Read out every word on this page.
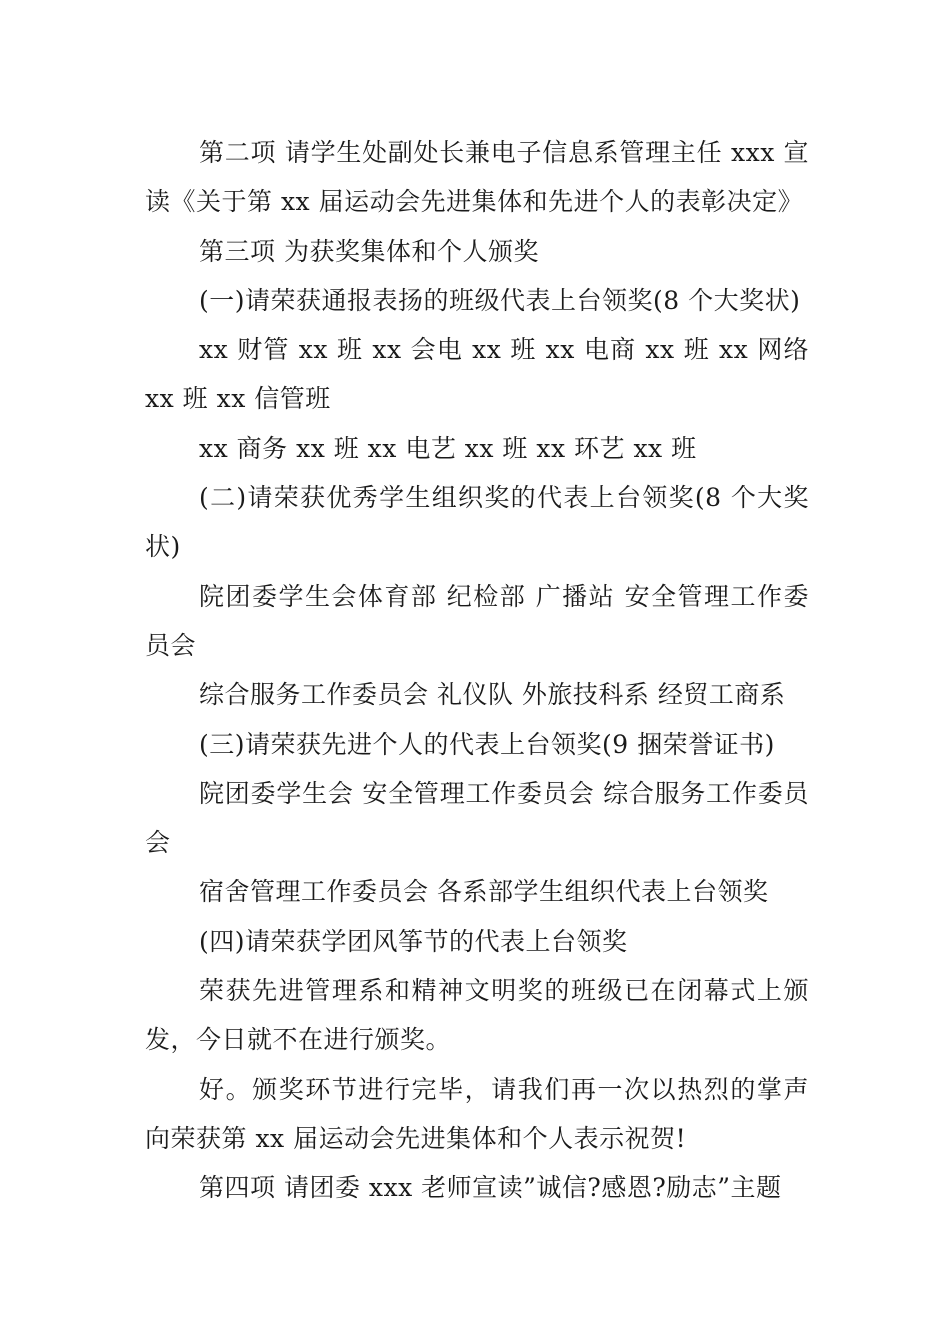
第二项 请学生处副处长兼电子信息系管理主任 xxx 宣读《关于第 xx 届运动会先进集体和先进个人的表彰决定》

第三项 为获奖集体和个人颁奖

(一)请荣获通报表扬的班级代表上台领奖(8 个大奖状)

xx 财管 xx 班 xx 会电 xx 班 xx 电商 xx 班 xx 网络 xx 班 xx 信管班

xx 商务 xx 班 xx 电艺 xx 班 xx 环艺 xx 班

(二)请荣获优秀学生组织奖的代表上台领奖(8 个大奖状)

院团委学生会体育部 纪检部 广播站 安全管理工作委员会

综合服务工作委员会 礼仪队 外旅技科系 经贸工商系

(三)请荣获先进个人的代表上台领奖(9 捆荣誉证书)

院团委学生会 安全管理工作委员会 综合服务工作委员会

宿舍管理工作委员会 各系部学生组织代表上台领奖

(四)请荣获学团风筝节的代表上台领奖

荣获先进管理系和精神文明奖的班级已在闭幕式上颁发，今日就不在进行颁奖。

好。颁奖环节进行完毕，请我们再一次以热烈的掌声向荣获第 xx 届运动会先进集体和个人表示祝贺!

第四项 请团委 xxx 老师宣读”诚信?感恩?励志”主题
